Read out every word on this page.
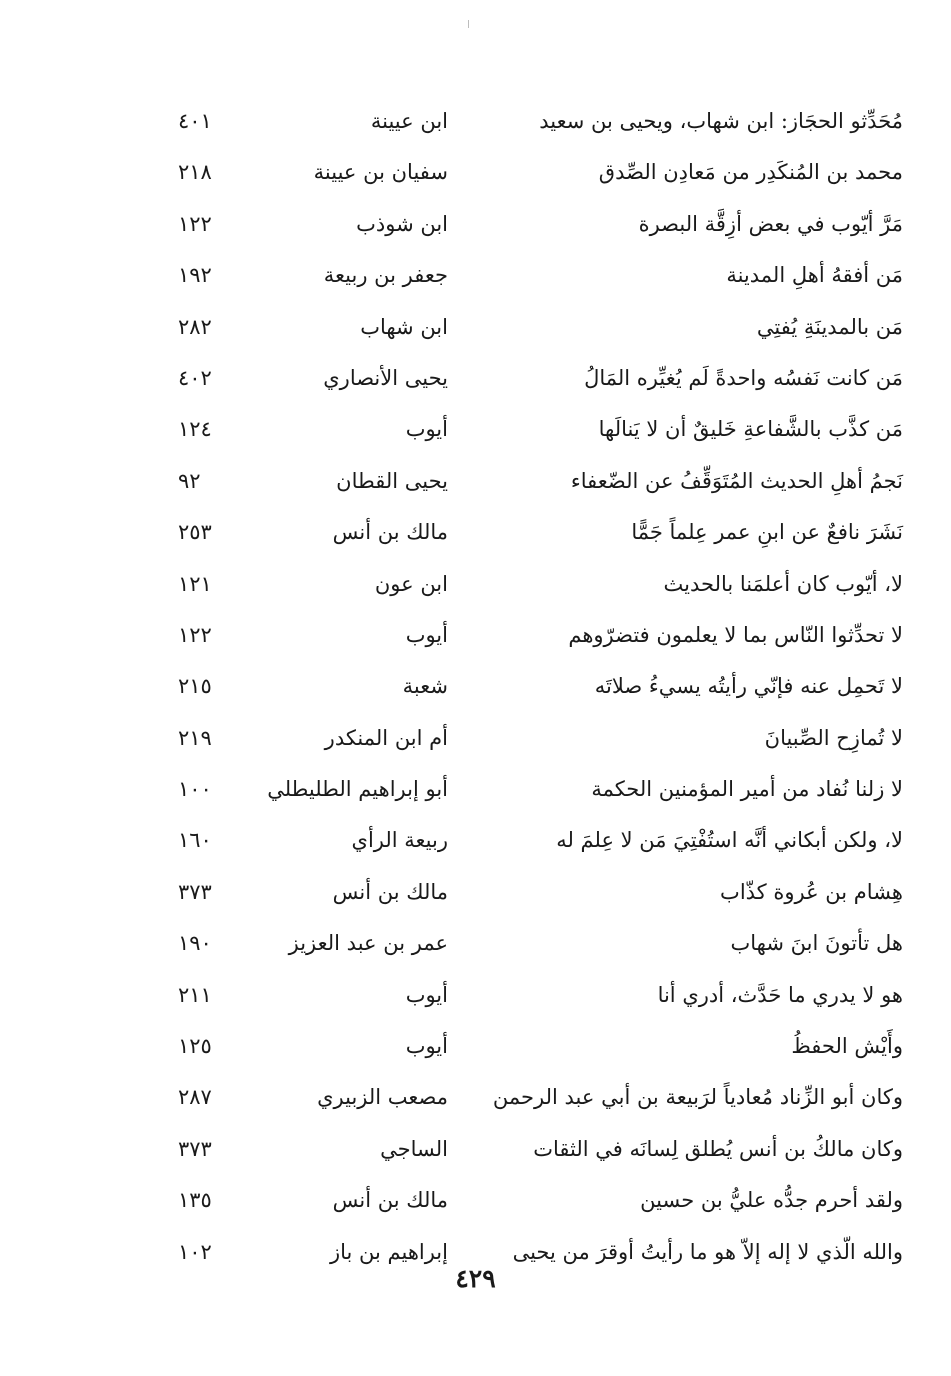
مُحَدِّثو الحجَاز: ابن شهاب، ويحيى بن سعيد
ابن عيينة
٤٠١
محمد بن المُنكَدِر من مَعادِن الصِّدق
سفيان بن عيينة
٢١٨
مَرَّ أيّوب في بعض أزِقَّة البصرة
ابن شوذب
١٢٢
مَن أفقهُ أهلِ المدينة
جعفر بن ربيعة
١٩٢
مَن بالمدينَةِ يُفتِي
ابن شهاب
٢٨٢
مَن كانت نَفسُه واحدةً لَم يُغيِّره المَالُ
يحيى الأنصاري
٤٠٢
مَن كذَّب بالشَّفاعةِ خَليقٌ أن لا يَنالَها
أيوب
١٢٤
نَجمُ أهلِ الحديث المُتَوَقِّفُ عن الضّعفاء
يحيى القطان
٩٢
نَشَرَ نافعٌ عن ابنِ عمر عِلماً جَمًّا
مالك بن أنس
٢٥٣
لا، أيّوب كان أعلمَنا بالحديث
ابن عون
١٢١
لا تحدِّثوا النّاس بما لا يعلمون فتضرّوهم
أيوب
١٢٢
لا تَحمِل عنه فإنّي رأيتُه يسيءُ صلاتَه
شعبة
٢١٥
لا تُمازِح الصِّبيانَ
أم ابن المنكدر
٢١٩
لا زلنا نُفاد من أمير المؤمنين الحكمة
أبو إبراهيم الطليطلي
١٠٠
لا، ولكن أبكاني أنَّه استُفْتِيَ مَن لا عِلمَ له
ربيعة الرأي
١٦٠
هِشام بن عُروة كذّاب
مالك بن أنس
٣٧٣
هل تأتونَ ابنَ شهاب
عمر بن عبد العزيز
١٩٠
هو لا يدري ما حَدَّث، أدري أنا
أيوب
٢١١
وأَيْش الحفظُ
أيوب
١٢٥
وكان أبو الزِّناد مُعادياً لرَبيعة بن أبي عبد الرحمن
مصعب الزبيري
٢٨٧
وكان مالكُ بن أنس يُطلق لِسانَه في الثقات
الساجي
٣٧٣
ولقد أحرم جدُّه عليُّ بن حسين
مالك بن أنس
١٣٥
والله الّذي لا إله إلاّ هو ما رأيتُ أوقرَ من يحيى
إبراهيم بن باز
١٠٢
٤٢٩
